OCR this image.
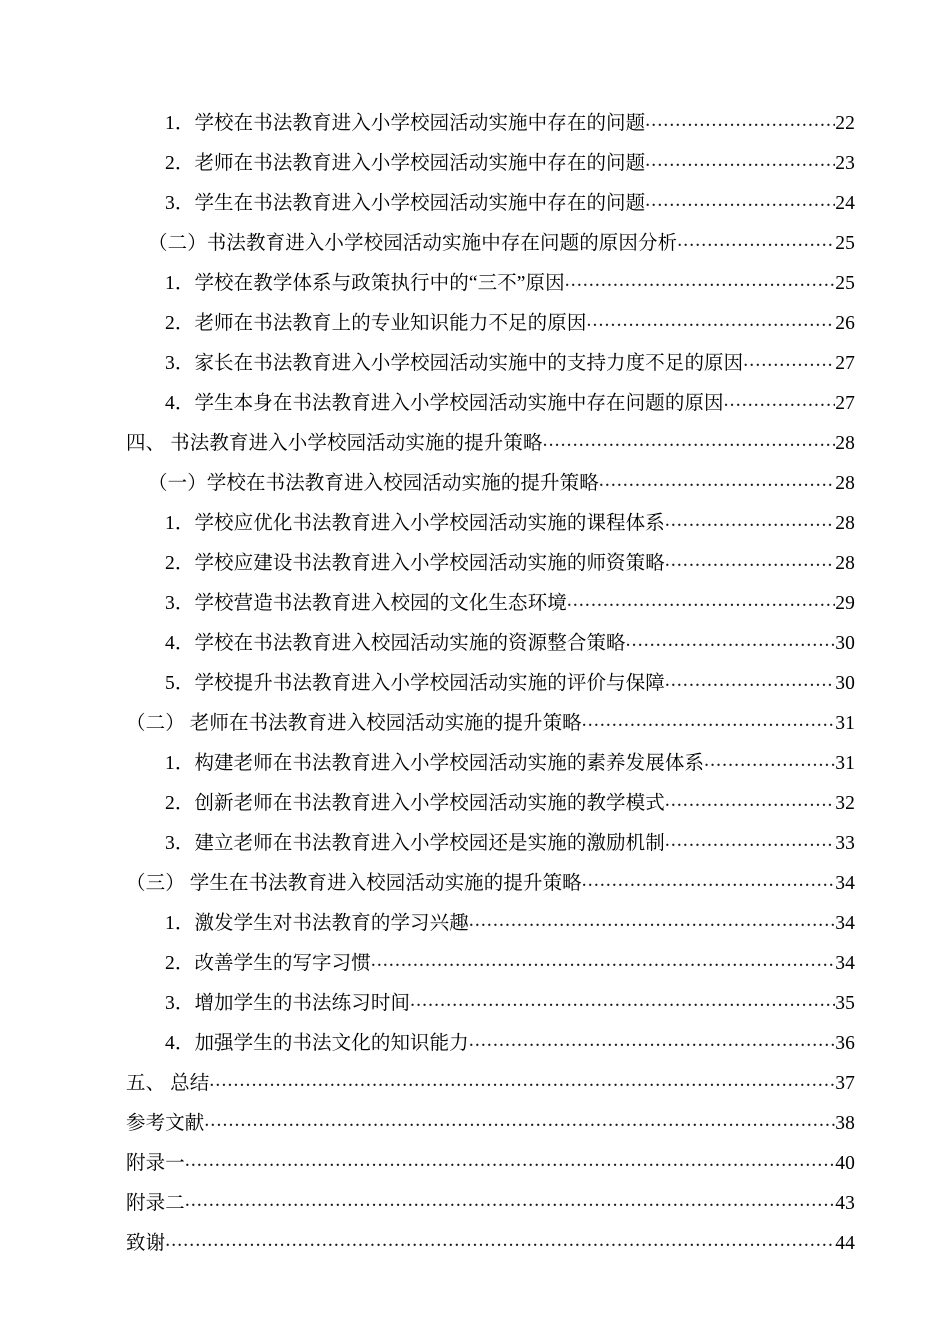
1．学校在书法教育进入小学校园活动实施中存在的问题 .....	22
2．老师在书法教育进入小学校园活动实施中存在的问题 .....	23
3．学生在书法教育进入小学校园活动实施中存在的问题 .....	24
（二）书法教育进入小学校园活动实施中存在问题的原因分析 .....	25
1．学校在教学体系与政策执行中的“三不”原因 .....	25
2．老师在书法教育上的专业知识能力不足的原因 .....	26
3．家长在书法教育进入小学校园活动实施中的支持力度不足的原因 .....	27
4．学生本身在书法教育进入小学校园活动实施中存在问题的原因 .....	27
四、 书法教育进入小学校园活动实施的提升策略 .....	28
（一）学校在书法教育进入校园活动实施的提升策略 .....	28
1．学校应优化书法教育进入小学校园活动实施的课程体系 .....	28
2．学校应建设书法教育进入小学校园活动实施的师资策略 .....	28
3．学校营造书法教育进入校园的文化生态环境 .....	29
4．学校在书法教育进入校园活动实施的资源整合策略 .....	30
5．学校提升书法教育进入小学校园活动实施的评价与保障 .....	30
（二） 老师在书法教育进入校园活动实施的提升策略 .....	31
1．构建老师在书法教育进入小学校园活动实施的素养发展体系 .....	31
2．创新老师在书法教育进入小学校园活动实施的教学模式 .....	32
3．建立老师在书法教育进入小学校园还是实施的激励机制 .....	33
（三） 学生在书法教育进入校园活动实施的提升策略 .....	34
1．激发学生对书法教育的学习兴趣 .....	34
2．改善学生的写字习惯 .....	34
3．增加学生的书法练习时间 .....	35
4．加强学生的书法文化的知识能力 .....	36
五、 总结 .....	37
参考文献 .....	38
附录一 .....	40
附录二 .....	43
致谢 .....	44
